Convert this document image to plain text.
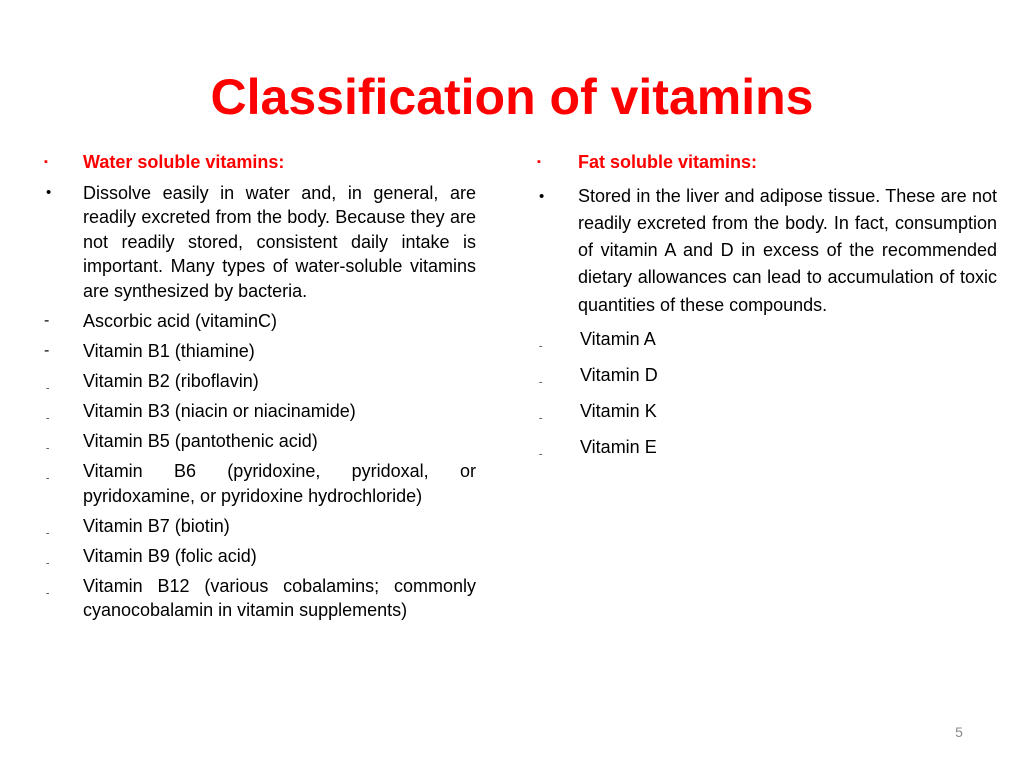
Classification of vitamins
▪	Water soluble vitamins:
•	Dissolve easily in water and, in general, are readily excreted from the body. Because they are not readily stored, consistent daily intake is important. Many types of water-soluble vitamins are synthesized by bacteria.
-	Ascorbic acid (vitaminC)
-	Vitamin B1 (thiamine)
ˍ	Vitamin B2 (riboflavin)
ˍ	Vitamin B3 (niacin or niacinamide)
ˍ	Vitamin B5 (pantothenic acid)
ˍ	Vitamin B6 (pyridoxine, pyridoxal, or pyridoxamine, or pyridoxine hydrochloride)
ˍ	Vitamin B7 (biotin)
ˍ	Vitamin B9 (folic acid)
ˍ	Vitamin B12 (various cobalamins; commonly cyanocobalamin in vitamin supplements)
▪	Fat soluble vitamins:
•	Stored in the liver and adipose tissue. These are not readily excreted from the body. In fact, consumption of vitamin A and D in excess of the recommended dietary allowances can lead to accumulation of toxic quantities of these compounds.
ˍ	Vitamin A
ˍ	Vitamin D
ˍ	Vitamin K
ˍ	Vitamin E
5
